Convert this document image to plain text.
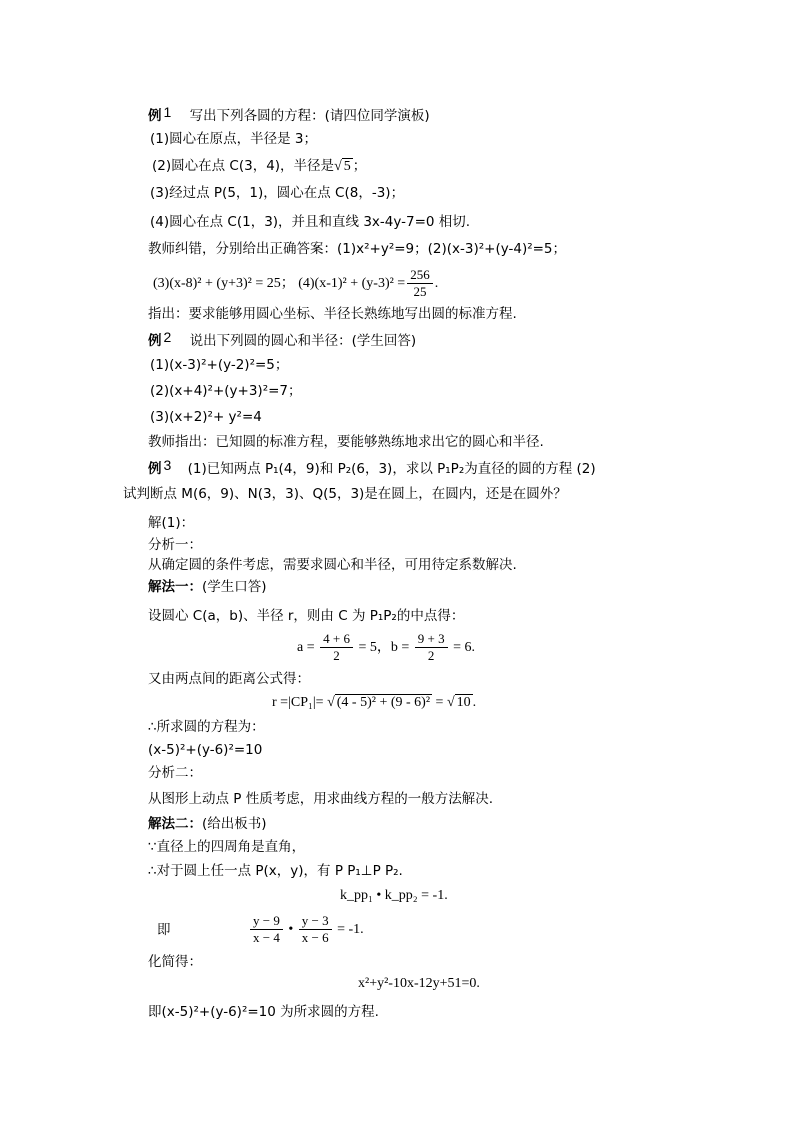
例 1 写出下列各圆的方程：(请四位同学演板)
(1)圆心在原点，半径是 3；
(2)圆心在点 C(3，4)，半径是√ 5 ；
(3)经过点 P(5，1)，圆心在点 C(8，-3)；
(4)圆心在点 C(1，3)，并且和直线 3x-4y-7=0 相切.
教师纠错，分别给出正确答案：(1)x²+y²=9；(2)(x-3)²+(y-4)²=5；
(3)(x-8)² + (y+3)² = 25； $(4)(x-1)^2 + (y-3)^2 = \frac{256}{25}$ .
指出：要求能够用圆心坐标、半径长熟练地写出圆的标准方程.
例 2 说出下列圆的圆心和半径：(学生回答)
(1)(x-3)²+(y-2)²=5；
(2)(x+4)²+(y+3)²=7；
(3)(x+2)²+ y²=4
教师指出：已知圆的标准方程，要能够熟练地求出它的圆心和半径.
例 3 (1)已知两点 P₁(4，9)和 P₂(6，3)，求以 P₁P₂为直径的圆的方程 (2)
试判断点 M(6，9)、N(3，3)、Q(5，3)是在圆上，在圆内，还是在圆外？
解(1)：
分析一：
从确定圆的条件考虑，需要求圆心和半径，可用待定系数解决.
解法一：(学生口答)
设圆心 C(a，b)、半径 r，则由 C 为 P₁P₂的中点得：
$a = \frac{4 + 6}{2} = 5$，$b = \frac{9 + 3}{2} = 6$.
又由两点间的距离公式得：
r =|CP₁|= √ (4 - 5)² + (9 - 6)² = √ 10 .
∴所求圆的方程为：
(x-5)²+(y-6)²=10
分析二：
从图形上动点 P 性质考虑，用求曲线方程的一般方法解决.
解法二：(给出板书)
∵直径上的四周角是直角，
∴对于圆上任一点 P(x，y)，有 P P₁⊥P P₂.
k_pp₁ • k_pp₂ = -1.
即	$\frac{y - 9}{x - 4}$ • $\frac{y - 3}{x - 6} = -1$.
化简得：
x²+y²-10x-12y+51=0.
即(x-5)²+(y-6)²=10 为所求圆的方程.
